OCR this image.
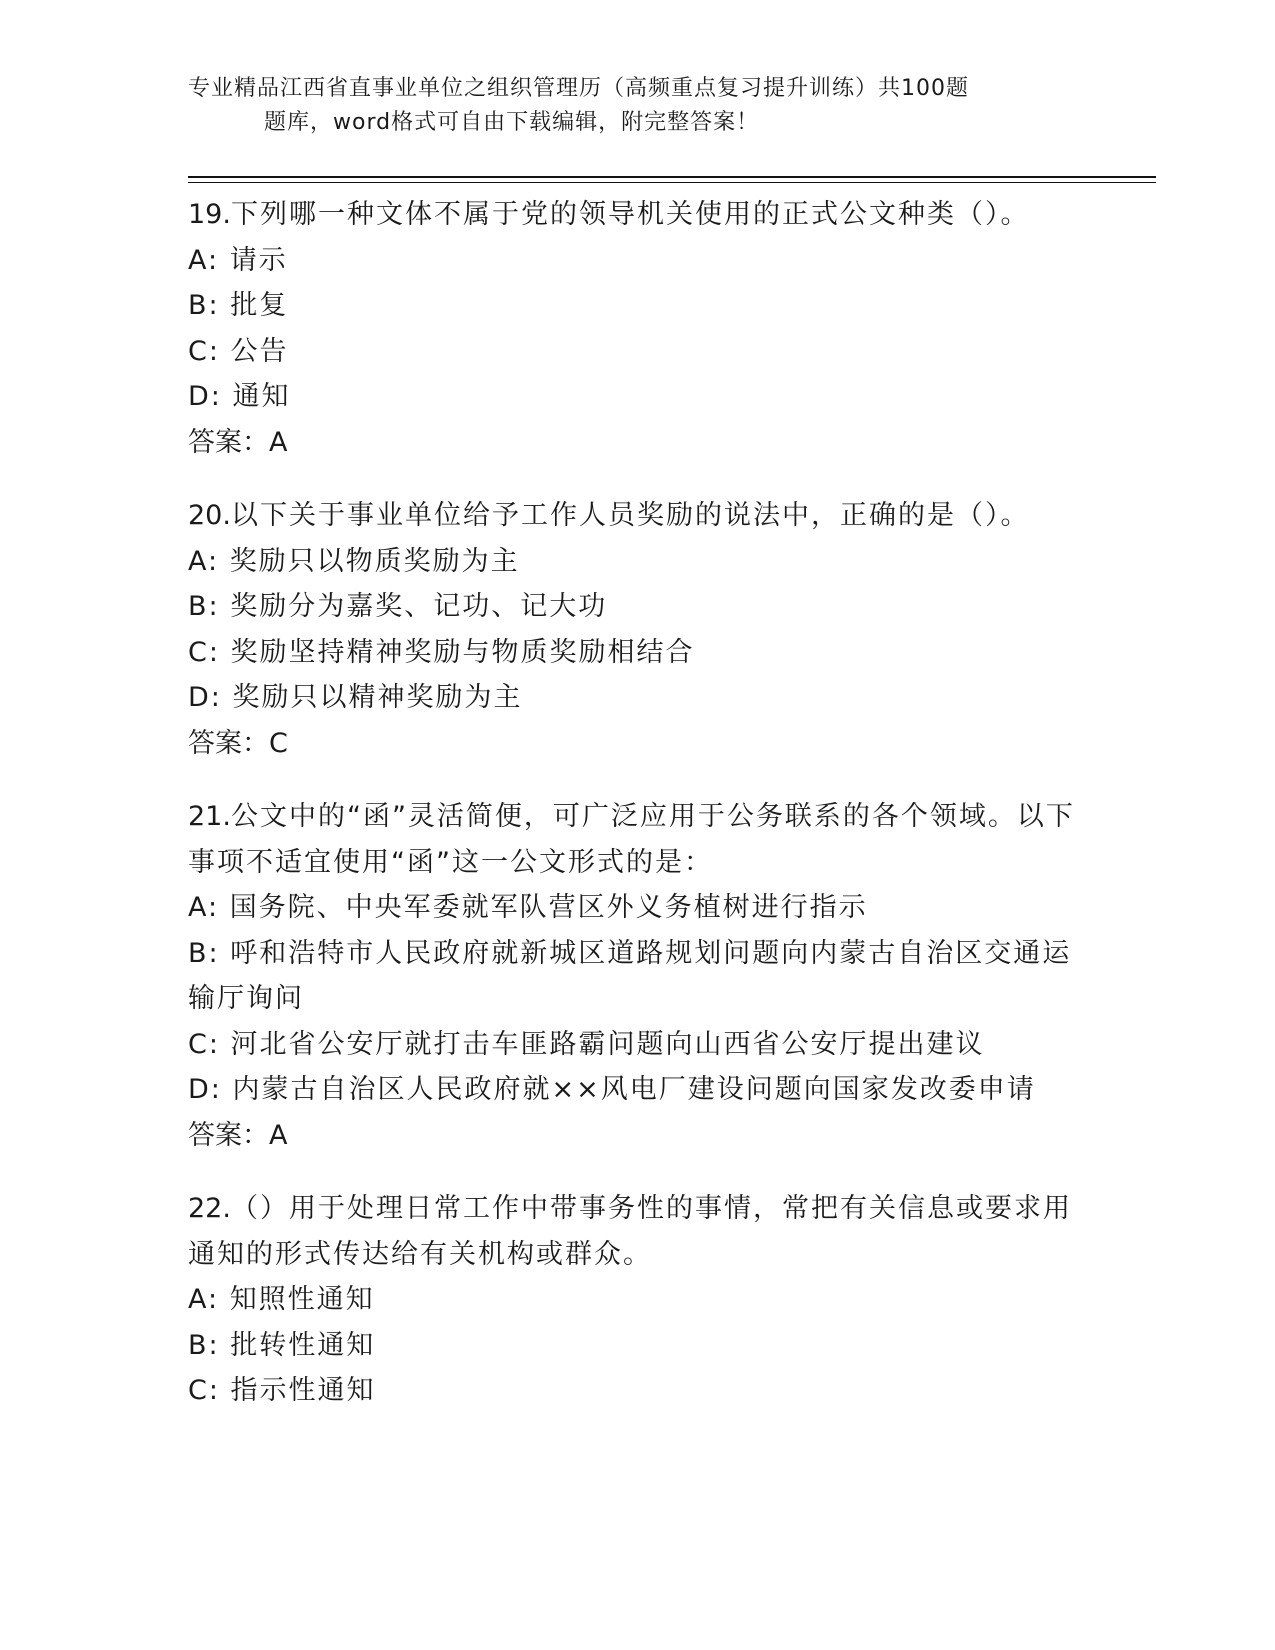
专业精品江西省直事业单位之组织管理历（高频重点复习提升训练）共100题
题库，word格式可自由下载编辑，附完整答案！
19.下列哪一种文体不属于党的领导机关使用的正式公文种类（）。
A: 请示
B: 批复
C: 公告
D: 通知
答案：A
20.以下关于事业单位给予工作人员奖励的说法中，正确的是（）。
A: 奖励只以物质奖励为主
B: 奖励分为嘉奖、记功、记大功
C: 奖励坚持精神奖励与物质奖励相结合
D: 奖励只以精神奖励为主
答案：C
21.公文中的“函”灵活简便，可广泛应用于公务联系的各个领域。以下事项不适宜使用“函”这一公文形式的是：
A: 国务院、中央军委就军队营区外义务植树进行指示
B: 呼和浩特市人民政府就新城区道路规划问题向内蒙古自治区交通运输厅询问
C: 河北省公安厅就打击车匪路霸问题向山西省公安厅提出建议
D: 内蒙古自治区人民政府就××风电厂建设问题向国家发改委申请
答案：A
22.（）用于处理日常工作中带事务性的事情，常把有关信息或要求用通知的形式传达给有关机构或群众。
A: 知照性通知
B: 批转性通知
C: 指示性通知
